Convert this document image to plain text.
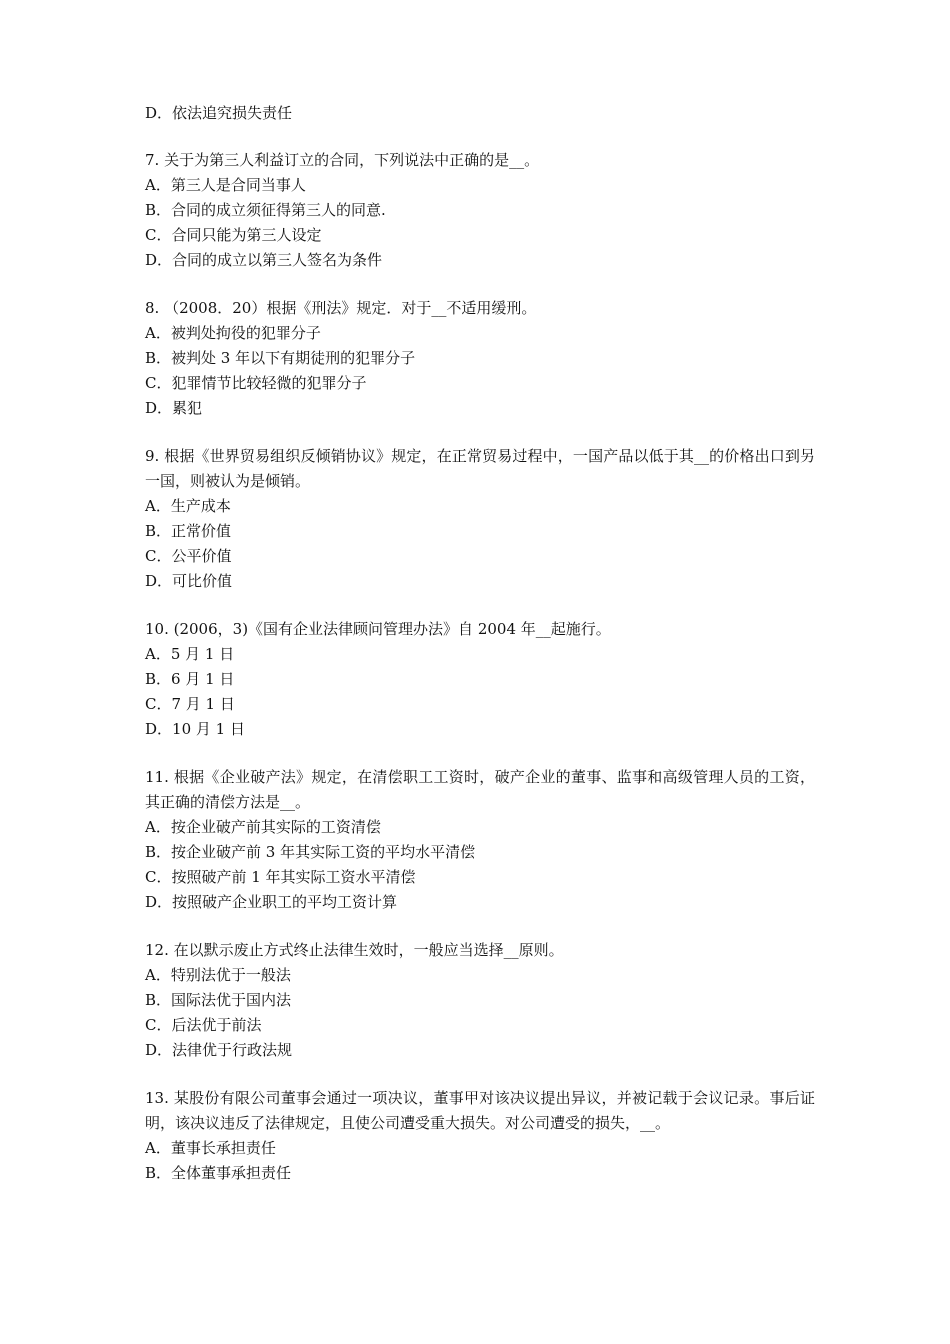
D．依法追究损失责任

7. 关于为第三人利益订立的合同，下列说法中正确的是__。

A．第三人是合同当事人

B．合同的成立须征得第三人的同意.

C．合同只能为第三人设定

D．合同的成立以第三人签名为条件

8. （2008．20）根据《刑法》规定．对于__不适用缓刑。

A．被判处拘役的犯罪分子

B．被判处 3 年以下有期徒刑的犯罪分子

C．犯罪情节比较轻微的犯罪分子

D．累犯

9. 根据《世界贸易组织反倾销协议》规定，在正常贸易过程中，一国产品以低于其__的价格出口到另一国，则被认为是倾销。

A．生产成本

B．正常价值

C．公平价值

D．可比价值

10. (2006，3)《国有企业法律顾问管理办法》自 2004 年__起施行。

A．5 月 1 日

B．6 月 1 日

C．7 月 1 日

D．10 月 1 日

11. 根据《企业破产法》规定，在清偿职工工资时，破产企业的董事、监事和高级管理人员的工资，其正确的清偿方法是__。

A．按企业破产前其实际的工资清偿

B．按企业破产前 3 年其实际工资的平均水平清偿

C．按照破产前 1 年其实际工资水平清偿

D．按照破产企业职工的平均工资计算

12. 在以默示废止方式终止法律生效时，一般应当选择__原则。

A．特别法优于一般法

B．国际法优于国内法

C．后法优于前法

D．法律优于行政法规

13. 某股份有限公司董事会通过一项决议，董事甲对该决议提出异议，并被记载于会议记录。事后证明，该决议违反了法律规定，且使公司遭受重大损失。对公司遭受的损失，__。

A．董事长承担责任

B．全体董事承担责任
